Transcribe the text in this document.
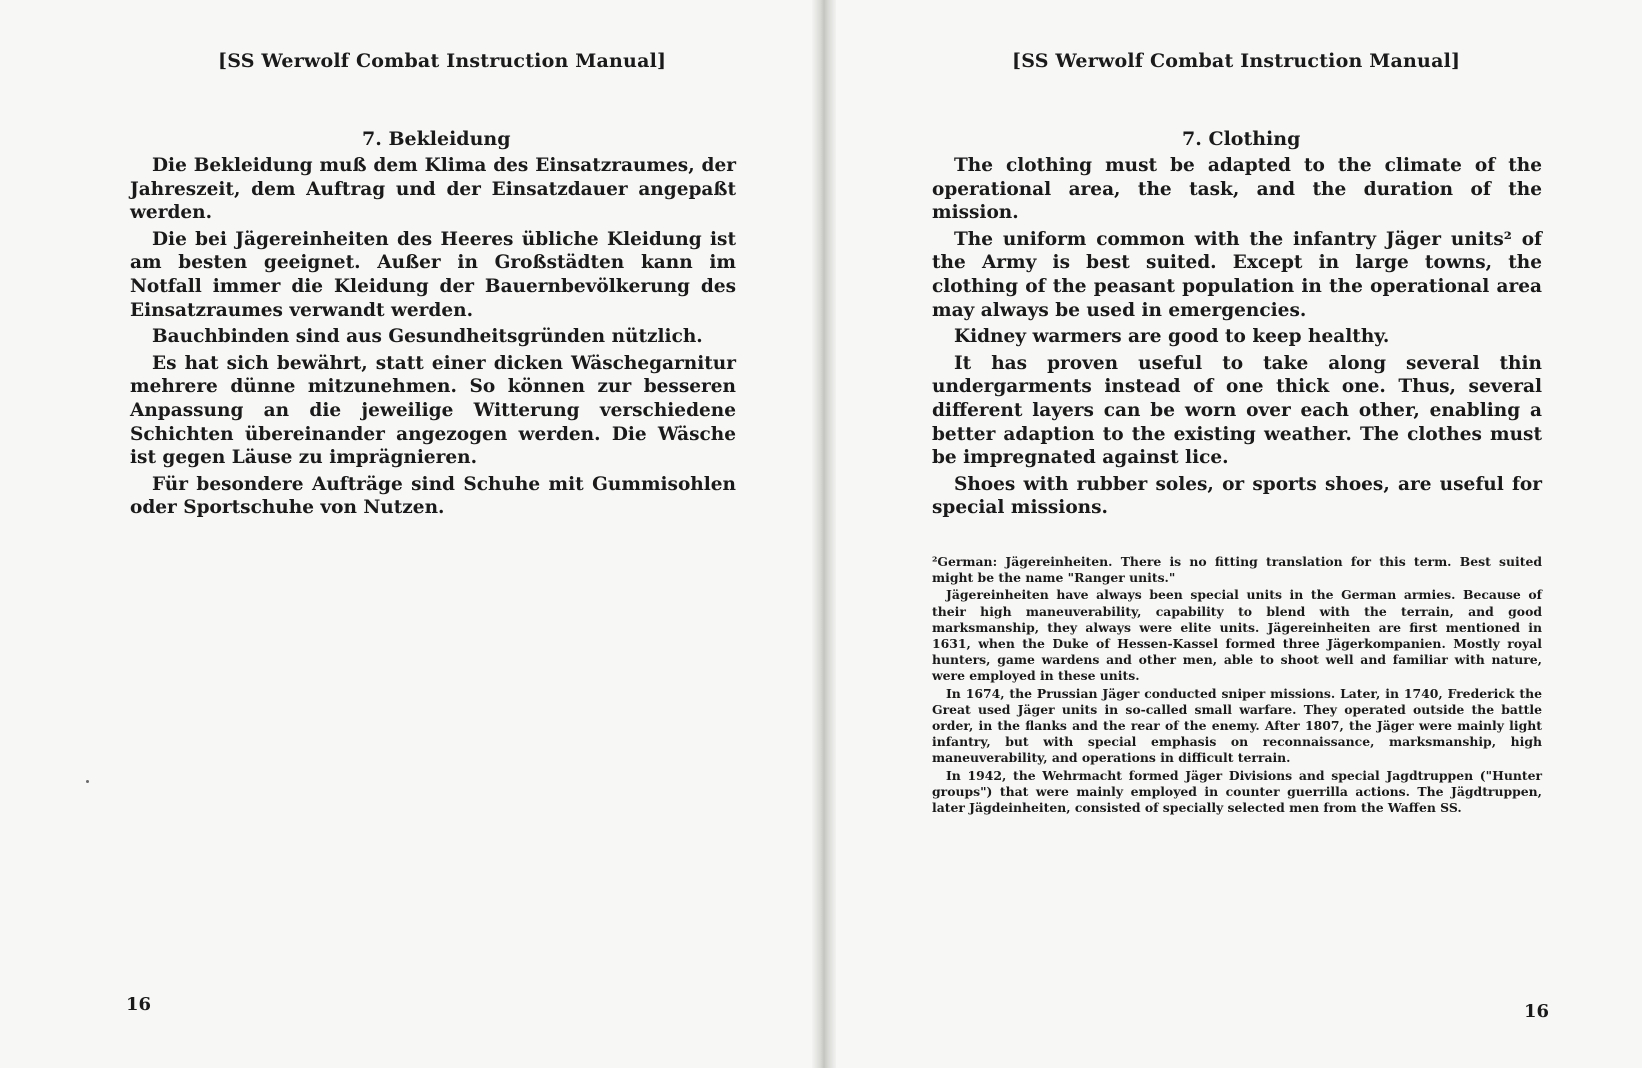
[SS Werwolf Combat Instruction Manual]
7. Bekleidung

Die Bekleidung muß dem Klima des Einsatzraumes, der Jahreszeit, dem Auftrag und der Einsatzdauer angepaßt werden.

Die bei Jägereinheiten des Heeres übliche Kleidung ist am besten geeignet. Außer in Großstädten kann im Notfall immer die Kleidung der Bauernbevölkerung des Einsatzraumes verwandt werden.

Bauchbinden sind aus Gesundheitsgründen nützlich.

Es hat sich bewährt, statt einer dicken Wäschegarnitur mehrere dünne mitzunehmen. So können zur besseren Anpassung an die jeweilige Witterung verschiedene Schichten übereinander angezogen werden. Die Wäsche ist gegen Läuse zu imprägnieren.

Für besondere Aufträge sind Schuhe mit Gummisohlen oder Sportschuhe von Nutzen.

16
[SS Werwolf Combat Instruction Manual]
7. Clothing

The clothing must be adapted to the climate of the operational area, the task, and the duration of the mission.

The uniform common with the infantry Jäger units² of the Army is best suited. Except in large towns, the clothing of the peasant population in the operational area may always be used in emergencies.

Kidney warmers are good to keep healthy.

It has proven useful to take along several thin undergarments instead of one thick one. Thus, several different layers can be worn over each other, enabling a better adaption to the existing weather. The clothes must be impregnated against lice.

Shoes with rubber soles, or sports shoes, are useful for special missions.

²German: Jägereinheiten. There is no fitting translation for this term. Best suited might be the name "Ranger units."

Jägereinheiten have always been special units in the German armies. Because of their high maneuverability, capability to blend with the terrain, and good marksmanship, they always were elite units. Jägereinheiten are first mentioned in 1631, when the Duke of Hessen-Kassel formed three Jägerkompanien. Mostly royal hunters, game wardens and other men, able to shoot well and familiar with nature, were employed in these units.

In 1674, the Prussian Jäger conducted sniper missions. Later, in 1740, Frederick the Great used Jäger units in so-called small warfare. They operated outside the battle order, in the flanks and the rear of the enemy. After 1807, the Jäger were mainly light infantry, but with special emphasis on reconnaissance, marksmanship, high maneuverability, and operations in difficult terrain.

In 1942, the Wehrmacht formed Jäger Divisions and special Jagdtruppen ("Hunter groups") that were mainly employed in counter guerrilla actions. The Jägdtruppen, later Jägdeinheiten, consisted of specially selected men from the Waffen SS.

16
